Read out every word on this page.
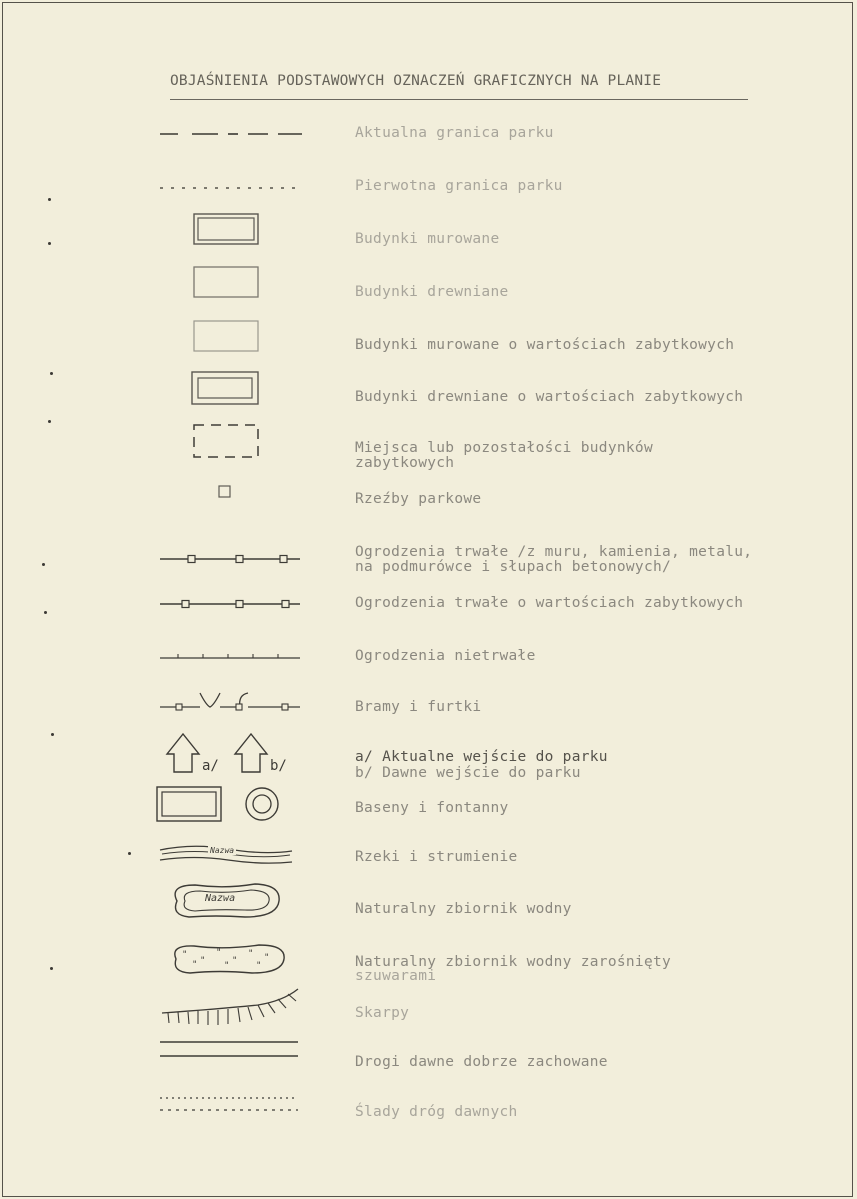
OBJAŚNIENIA PODSTAWOWYCH OZNACZEŃ GRAFICZNYCH NA PLANIE
Aktualna granica parku
Pierwotna granica parku
Budynki murowane
Budynki drewniane
Budynki murowane o wartościach zabytkowych
Budynki drewniane o wartościach zabytkowych
Miejsca lub pozostałości budynków
zabytkowych
Rzeźby parkowe
Ogrodzenia trwałe /z muru, kamienia, metalu,
na podmurówce i słupach betonowych/
Ogrodzenia trwałe o wartościach zabytkowych
Ogrodzenia nietrwałe
Bramy i furtki
a/	b/
a/ Aktualne wejście do parku
b/ Dawne wejście do parku
Baseny i fontanny
Nazwa	Rzeki i strumienie
Nazwa
Naturalny zbiornik wodny
"
"
"
"
" "
"	"	"	Naturalny zbiornik wodny zarośnięty
szuwarami
Skarpy
Drogi dawne dobrze zachowane
Ślady dróg dawnych
